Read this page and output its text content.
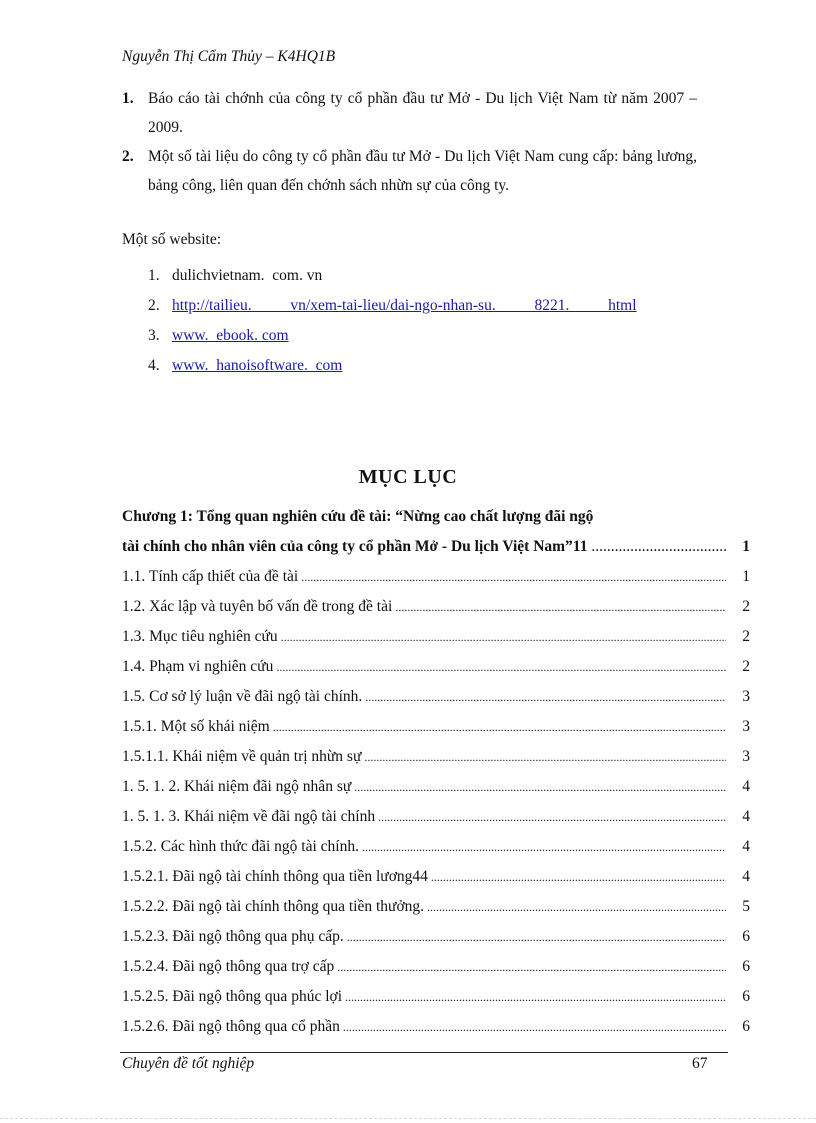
Nguyễn Thị Cẩm Thủy – K4HQ1B
1. Báo cáo tài chớnh của công ty cổ phần đầu tư Mở - Du lịch Việt Nam từ năm 2007 – 2009.
2. Một số tài liệu do công ty cổ phần đầu tư Mở - Du lịch Việt Nam cung cấp: bảng lương, bảng công, liên quan đến chớnh sách nhừn sự của công ty.
Một số website:
1. dulichvietnam.  com. vn
2. http://tailieu.          vn/xem-tai-lieu/dai-ngo-nhan-su.          8221.          html
3. www.  ebook. com
4. www.  hanoisoftware.  com
MỤC LỤC
Chương 1: Tổng quan nghiên cứu đề tài: “Nừng cao chất lượng đãi ngộ
tài chính cho nhân viên của công ty cổ phần Mở - Du lịch Việt Nam”11 .....	1
1.1. Tính cấp thiết của đề tài .....	1
1.2. Xác lập và tuyên bố vấn đề trong đề tài .....	2
1.3. Mục tiêu nghiên cứu .....	2
1.4. Phạm vi nghiên cứu .....	2
1.5. Cơ sở lý luận về đãi ngộ tài chính. .....	3
1.5.1. Một số khái niệm .....	3
1.5.1.1. Khái niệm về quản trị nhừn sự .....	3
1. 5. 1. 2. Khái niệm đãi ngộ nhân sự .....	4
1. 5. 1. 3. Khái niệm về đãi ngộ tài chính .....	4
1.5.2. Các hình thức đãi ngộ tài chính. .....	4
1.5.2.1. Đãi ngộ tài chính thông qua tiền lương44 .....	4
1.5.2.2. Đãi ngộ tài chính thông qua tiền thưởng. .....	5
1.5.2.3. Đãi ngộ thông qua phụ cấp. .....	6
1.5.2.4. Đãi ngộ thông qua trợ cấp .....	6
1.5.2.5. Đãi ngộ thông qua phúc lợi .....	6
1.5.2.6. Đãi ngộ thông qua cổ phần .....	6
Chuyên đề tốt nghiệp	67
